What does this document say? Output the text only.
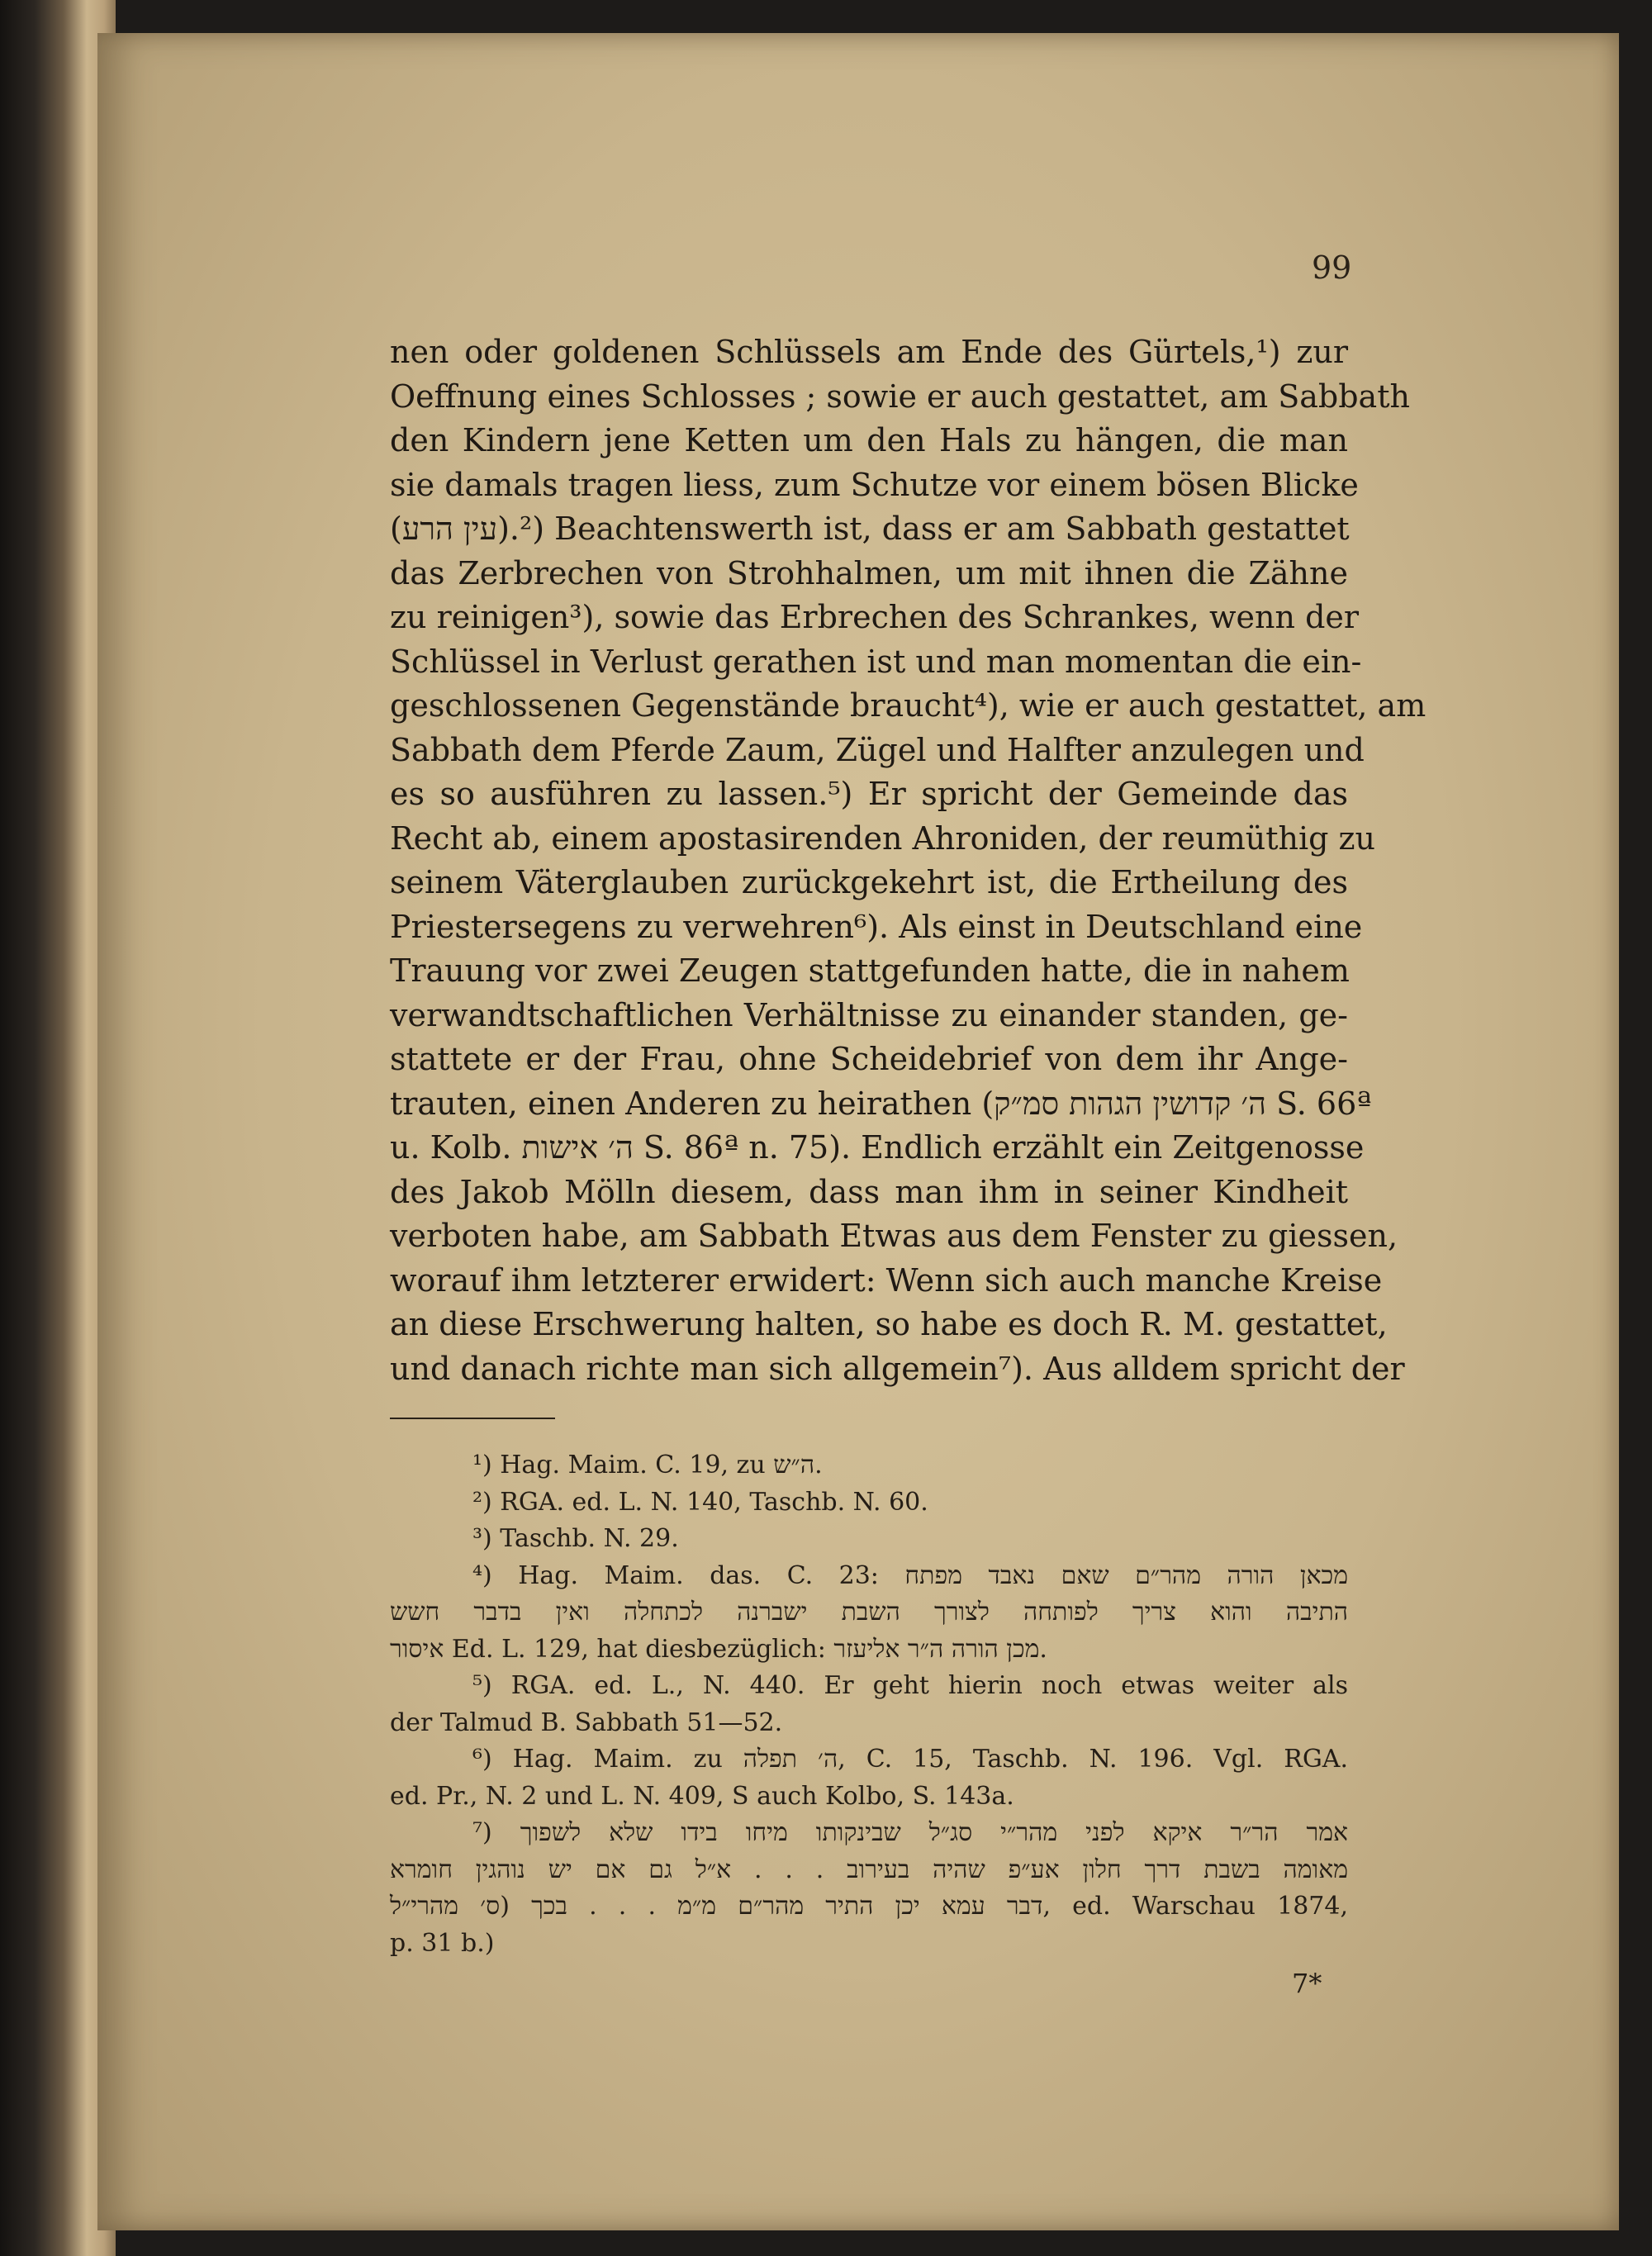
99
nen oder goldenen Schlüssels am Ende des Gürtels,¹) zur
Oeffnung eines Schlosses ; sowie er auch gestattet, am Sabbath
den Kindern jene Ketten um den Hals zu hängen, die man
sie damals tragen liess, zum Schutze vor einem bösen Blicke
(עין הרע).²) Beachtenswerth ist, dass er am Sabbath gestattet
das Zerbrechen von Strohhalmen, um mit ihnen die Zähne
zu reinigen³), sowie das Erbrechen des Schrankes, wenn der
Schlüssel in Verlust gerathen ist und man momentan die ein-
geschlossenen Gegenstände braucht⁴), wie er auch gestattet, am
Sabbath dem Pferde Zaum, Zügel und Halfter anzulegen und
es so ausführen zu lassen.⁵) Er spricht der Gemeinde das
Recht ab, einem apostasirenden Ahroniden, der reumüthig zu
seinem Väterglauben zurückgekehrt ist, die Ertheilung des
Priestersegens zu verwehren⁶). Als einst in Deutschland eine
Trauung vor zwei Zeugen stattgefunden hatte, die in nahem
verwandtschaftlichen Verhältnisse zu einander standen, ge-
stattete er der Frau, ohne Scheidebrief von dem ihr Ange-
trauten, einen Anderen zu heirathen (ה׳ קדושין הגהות סמ״ק S. 66ª
u. Kolb. ה׳ אישות S. 86ª n. 75). Endlich erzählt ein Zeitgenosse
des Jakob Mölln diesem, dass man ihm in seiner Kindheit
verboten habe, am Sabbath Etwas aus dem Fenster zu giessen,
worauf ihm letzterer erwidert: Wenn sich auch manche Kreise
an diese Erschwerung halten, so habe es doch R. M. gestattet,
und danach richte man sich allgemein⁷). Aus alldem spricht der
¹) Hag. Maim. C. 19, zu ה״ש.
²) RGA. ed. L. N. 140, Taschb. N. 60.
³) Taschb. N. 29.
⁴) Hag. Maim. das. C. 23: מכאן הורה מהר״ם שאם נאבד מפתח
התיבה והוא צריך לפותחה לצורך השבת ישברנה לכתחלה ואין בדבר חשש
איסור Ed. L. 129, hat diesbezüglich: מכן הורה ה״ר אליעזר.
⁵) RGA. ed. L., N. 440. Er geht hierin noch etwas weiter als
der Talmud B. Sabbath 51—52.
⁶) Hag. Maim. zu ה׳ תפלה, C. 15, Taschb. N. 196. Vgl. RGA.
ed. Pr., N. 2 und L. N. 409, S auch Kolbo, S. 143a.
⁷) אמר הר״ר איקא לפני מהר״י סג״ל שבינקותו מיחו בידו שלא לשפוך
מאומה בשבת דרך חלון אע״פ שהיה בעירוב . . . א״ל גם אם יש נוהגין חומרא
דבר עמא יכן התיר מהר״ם מ״מ . . . בכך (ס׳ מהרי״ל, ed. Warschau 1874,
p. 31 b.)
7*
